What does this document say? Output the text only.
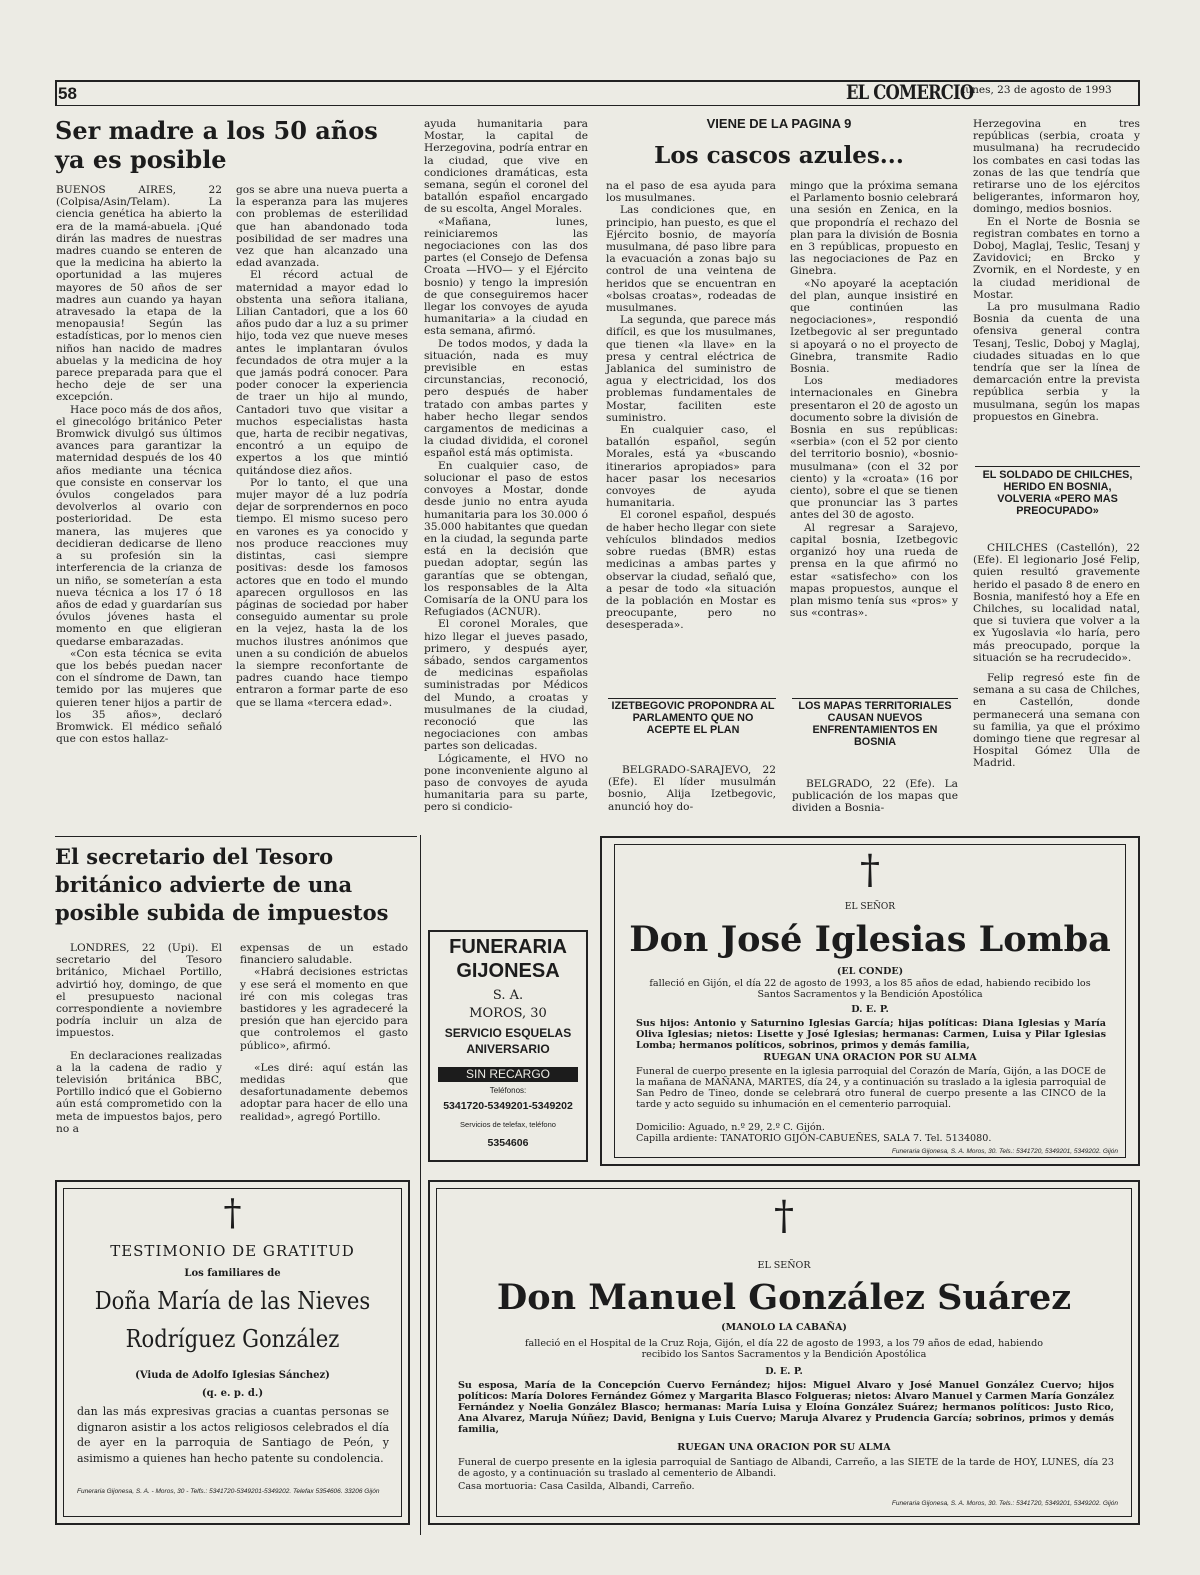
58	EL COMERCIO
lunes, 23 de agosto de 1993
Ser madre a los 50 años ya es posible

BUENOS AIRES, 22 (Colpisa/Asin/Telam). La ciencia genética ha abierto la era de la mamá-abuela. ¡Qué dirán las madres de nuestras madres cuando se enteren de que la medicina ha abierto la oportunidad a las mujeres mayores de 50 años de ser madres aun cuando ya hayan atravesado la etapa de la menopausia! Según las estadísticas, por lo menos cien niños han nacido de madres abuelas y la medicina de hoy parece preparada para que el hecho deje de ser una excepción.

Hace poco más de dos años, el ginecológo británico Peter Bromwick divulgó sus últimos avances para garantizar la maternidad después de los 40 años mediante una técnica que consiste en conservar los óvulos congelados para devolverlos al ovario con posterioridad. De esta manera, las mujeres que decidieran dedicarse de lleno a su profesión sin la interferencia de la crianza de un niño, se someterían a esta nueva técnica a los 17 ó 18 años de edad y guardarían sus óvulos jóvenes hasta el momento en que eligieran quedarse embarazadas.

«Con esta técnica se evita que los bebés puedan nacer con el síndrome de Dawn, tan temido por las mujeres que quieren tener hijos a partir de los 35 años», declaró Bromwick. El médico señaló que con estos hallaz-

gos se abre una nueva puerta a la esperanza para las mujeres con problemas de esterilidad que han abandonado toda posibilidad de ser madres una vez que han alcanzado una edad avanzada.

El récord actual de maternidad a mayor edad lo obstenta una señora italiana, Lilian Cantadori, que a los 60 años pudo dar a luz a su primer hijo, toda vez que nueve meses antes le implantaran óvulos fecundados de otra mujer a la que jamás podrá conocer. Para poder conocer la experiencia de traer un hijo al mundo, Cantadori tuvo que visitar a muchos especialistas hasta que, harta de recibir negativas, encontró a un equipo de expertos a los que mintió quitándose diez años.

Por lo tanto, el que una mujer mayor dé a luz podría dejar de sorprendernos en poco tiempo. El mismo suceso pero en varones es ya conocido y nos produce reacciones muy distintas, casi siempre positivas: desde los famosos actores que en todo el mundo aparecen orgullosos en las páginas de sociedad por haber conseguido aumentar su prole en la vejez, hasta la de los muchos ilustres anónimos que unen a su condición de abuelos la siempre reconfortante de padres cuando hace tiempo entraron a formar parte de eso que se llama «tercera edad».

ayuda humanitaria para Mostar, la capital de Herzegovina, podría entrar en la ciudad, que vive en condiciones dramáticas, esta semana, según el coronel del batallón español encargado de su escolta, Angel Morales.

«Mañana, lunes, reiniciaremos las negociaciones con las dos partes (el Consejo de Defensa Croata —HVO— y el Ejército bosnio) y tengo la impresión de que conseguiremos hacer llegar los convoyes de ayuda humanitaria» a la ciudad en esta semana, afirmó.

De todos modos, y dada la situación, nada es muy previsible en estas circunstancias, reconoció, pero después de haber tratado con ambas partes y haber hecho llegar sendos cargamentos de medicinas a la ciudad dividida, el coronel español está más optimista.

En cualquier caso, de solucionar el paso de estos convoyes a Mostar, donde desde junio no entra ayuda humanitaria para los 30.000 ó 35.000 habitantes que quedan en la ciudad, la segunda parte está en la decisión que puedan adoptar, según las garantías que se obtengan, los responsables de la Alta Comisaría de la ONU para los Refugiados (ACNUR).

El coronel Morales, que hizo llegar el jueves pasado, primero, y después ayer, sábado, sendos cargamentos de medicinas españolas suministradas por Médicos del Mundo, a croatas y musulmanes de la ciudad, reconoció que las negociaciones con ambas partes son delicadas.

Lógicamente, el HVO no pone inconveniente alguno al paso de convoyes de ayuda humanitaria para su parte, pero si condicio-

VIENE DE LA PAGINA 9
Los cascos azules...

na el paso de esa ayuda para los musulmanes.

Las condiciones que, en principio, han puesto, es que el Ejército bosnio, de mayoría musulmana, dé paso libre para la evacuación a zonas bajo su control de una veintena de heridos que se encuentran en «bolsas croatas», rodeadas de musulmanes.

La segunda, que parece más difícil, es que los musulmanes, que tienen «la llave» en la presa y central eléctrica de Jablanica del suministro de agua y electricidad, los dos problemas fundamentales de Mostar, faciliten este suministro.

En cualquier caso, el batallón español, según Morales, está ya «buscando itinerarios apropiados» para hacer pasar los necesarios convoyes de ayuda humanitaria.

El coronel español, después de haber hecho llegar con siete vehículos blindados medios sobre ruedas (BMR) estas medicinas a ambas partes y observar la ciudad, señaló que, a pesar de todo «la situación de la población en Mostar es preocupante, pero no desesperada».

IZETBEGOVIC PROPONDRA AL PARLAMENTO QUE NO ACEPTE EL PLAN

BELGRADO-SARAJEVO, 22 (Efe). El líder musulmán bosnio, Alija Izetbegovic, anunció hoy do-

mingo que la próxima semana el Parlamento bosnio celebrará una sesión en Zenica, en la que propondría el rechazo del plan para la división de Bosnia en 3 repúblicas, propuesto en las negociaciones de Paz en Ginebra.

«No apoyaré la aceptación del plan, aunque insistiré en que continúen las negociaciones», respondió Izetbegovic al ser preguntado si apoyará o no el proyecto de Ginebra, transmite Radio Bosnia.

Los mediadores internacionales en Ginebra presentaron el 20 de agosto un documento sobre la división de Bosnia en sus repúblicas: «serbia» (con el 52 por ciento del territorio bosnio), «bosnio-musulmana» (con el 32 por ciento) y la «croata» (16 por ciento), sobre el que se tienen que pronunciar las 3 partes antes del 30 de agosto.

Al regresar a Sarajevo, capital bosnia, Izetbegovic organizó hoy una rueda de prensa en la que afirmó no estar «satisfecho» con los mapas propuestos, aunque el plan mismo tenía sus «pros» y sus «contras».

LOS MAPAS TERRITORIALES CAUSAN NUEVOS ENFRENTAMIENTOS EN BOSNIA

BELGRADO, 22 (Efe). La publicación de los mapas que dividen a Bosnia-

Herzegovina en tres repúblicas (serbia, croata y musulmana) ha recrudecido los combates en casi todas las zonas de las que tendría que retirarse uno de los ejércitos beligerantes, informaron hoy, domingo, medios bosnios.

En el Norte de Bosnia se registran combates en torno a Doboj, Maglaj, Teslic, Tesanj y Zavidovici; en Brcko y Zvornik, en el Nordeste, y en la ciudad meridional de Mostar.

La pro musulmana Radio Bosnia da cuenta de una ofensiva general contra Tesanj, Teslic, Doboj y Maglaj, ciudades situadas en lo que tendría que ser la línea de demarcación entre la prevista república serbia y la musulmana, según los mapas propuestos en Ginebra.

EL SOLDADO DE CHILCHES, HERIDO EN BOSNIA, VOLVERIA «PERO MAS PREOCUPADO»

CHILCHES (Castellón), 22 (Efe). El legionario José Felip, quien resultó gravemente herido el pasado 8 de enero en Bosnia, manifestó hoy a Efe en Chilches, su localidad natal, que si tuviera que volver a la ex Yugoslavia «lo haría, pero más preocupado, porque la situación se ha recrudecido».

Felip regresó este fin de semana a su casa de Chilches, en Castellón, donde permanecerá una semana con su familia, ya que el próximo domingo tiene que regresar al Hospital Gómez Ulla de Madrid.

El secretario del Tesoro británico advierte de una posible subida de impuestos

LONDRES, 22 (Upi). El secretario del Tesoro británico, Michael Portillo, advirtió hoy, domingo, de que el presupuesto nacional correspondiente a noviembre podría incluir un alza de impuestos.

En declaraciones realizadas a la la cadena de radio y televisión británica BBC, Portillo indicó que el Gobierno aún está comprometido con la meta de impuestos bajos, pero no a

expensas de un estado financiero saludable.

«Habrá decisiones estrictas y ese será el momento en que iré con mis colegas tras bastidores y les agradeceré la presión que han ejercido para que controlemos el gasto público», afirmó.

«Les diré: aquí están las medidas que desafortunadamente debemos adoptar para hacer de ello una realidad», agregó Portillo.

FUNERARIA
GIJONESA
S. A.
MOROS, 30
SERVICIO ESQUELAS
ANIVERSARIO
SIN RECARGO
Teléfonos:
5341720-5349201-5349202
Servicios de telefax, teléfono
5354606
†
EL SEÑOR
Don José Iglesias Lomba
(EL CONDE)
falleció en Gijón, el día 22 de agosto de 1993, a los 85 años de edad, habiendo recibido los Santos Sacramentos y la Bendición Apostólica
D. E. P.
Sus hijos: Antonio y Saturnino Iglesias García; hijas políticas: Diana Iglesias y María Oliva Iglesias; nietos: Lisette y José Iglesias; hermanas: Carmen, Luisa y Pilar Iglesias Lomba; hermanos políticos, sobrinos, primos y demás familia,
RUEGAN UNA ORACION POR SU ALMA
Funeral de cuerpo presente en la iglesia parroquial del Corazón de María, Gijón, a las DOCE de la mañana de MAÑANA, MARTES, día 24, y a continuación su traslado a la iglesia parroquial de San Pedro de Tineo, donde se celebrará otro funeral de cuerpo presente a las CINCO de la tarde y acto seguido su inhumación en el cementerio parroquial.
Domicilio: Aguado, n.º 29, 2.º C. Gijón.
Capilla ardiente: TANATORIO GIJÓN-CABUEÑES, SALA 7. Tel. 5134080.
Funeraria Gijonesa, S. A. Moros, 30. Tels.: 5341720, 5349201, 5349202. Gijón
†
TESTIMONIO DE GRATITUD
Los familiares de
Doña María de las Nieves
Rodríguez González
(Viuda de Adolfo Iglesias Sánchez)
(q. e. p. d.)
dan las más expresivas gracias a cuantas personas se dignaron asistir a los actos religiosos celebrados el día de ayer en la parroquia de Santiago de Peón, y asimismo a quienes han hecho patente su condolencia.
Funeraria Gijonesa, S. A. - Moros, 30 - Telfs.: 5341720-5349201-5349202. Telefax 5354606. 33206 Gijón
†
EL SEÑOR
Don Manuel González Suárez
(MANOLO LA CABAÑA)
falleció en el Hospital de la Cruz Roja, Gijón, el día 22 de agosto de 1993, a los 79 años de edad, habiendo recibido los Santos Sacramentos y la Bendición Apostólica
D. E. P.
Su esposa, María de la Concepción Cuervo Fernández; hijos: Miguel Alvaro y José Manuel González Cuervo; hijos políticos: María Dolores Fernández Gómez y Margarita Blasco Folgueras; nietos: Alvaro Manuel y Carmen María González Fernández y Noelia González Blasco; hermanas: María Luisa y Eloína González Suárez; hermanos políticos: Justo Rico, Ana Alvarez, Maruja Núñez; David, Benigna y Luis Cuervo; Maruja Alvarez y Prudencia García; sobrinos, primos y demás familia,
RUEGAN UNA ORACION POR SU ALMA
Funeral de cuerpo presente en la iglesia parroquial de Santiago de Albandi, Carreño, a las SIETE de la tarde de HOY, LUNES, día 23 de agosto, y a continuación su traslado al cementerio de Albandi.
Casa mortuoria: Casa Casilda, Albandi, Carreño.
Funeraria Gijonesa, S. A. Moros, 30. Tels.: 5341720, 5349201, 5349202. Gijón
